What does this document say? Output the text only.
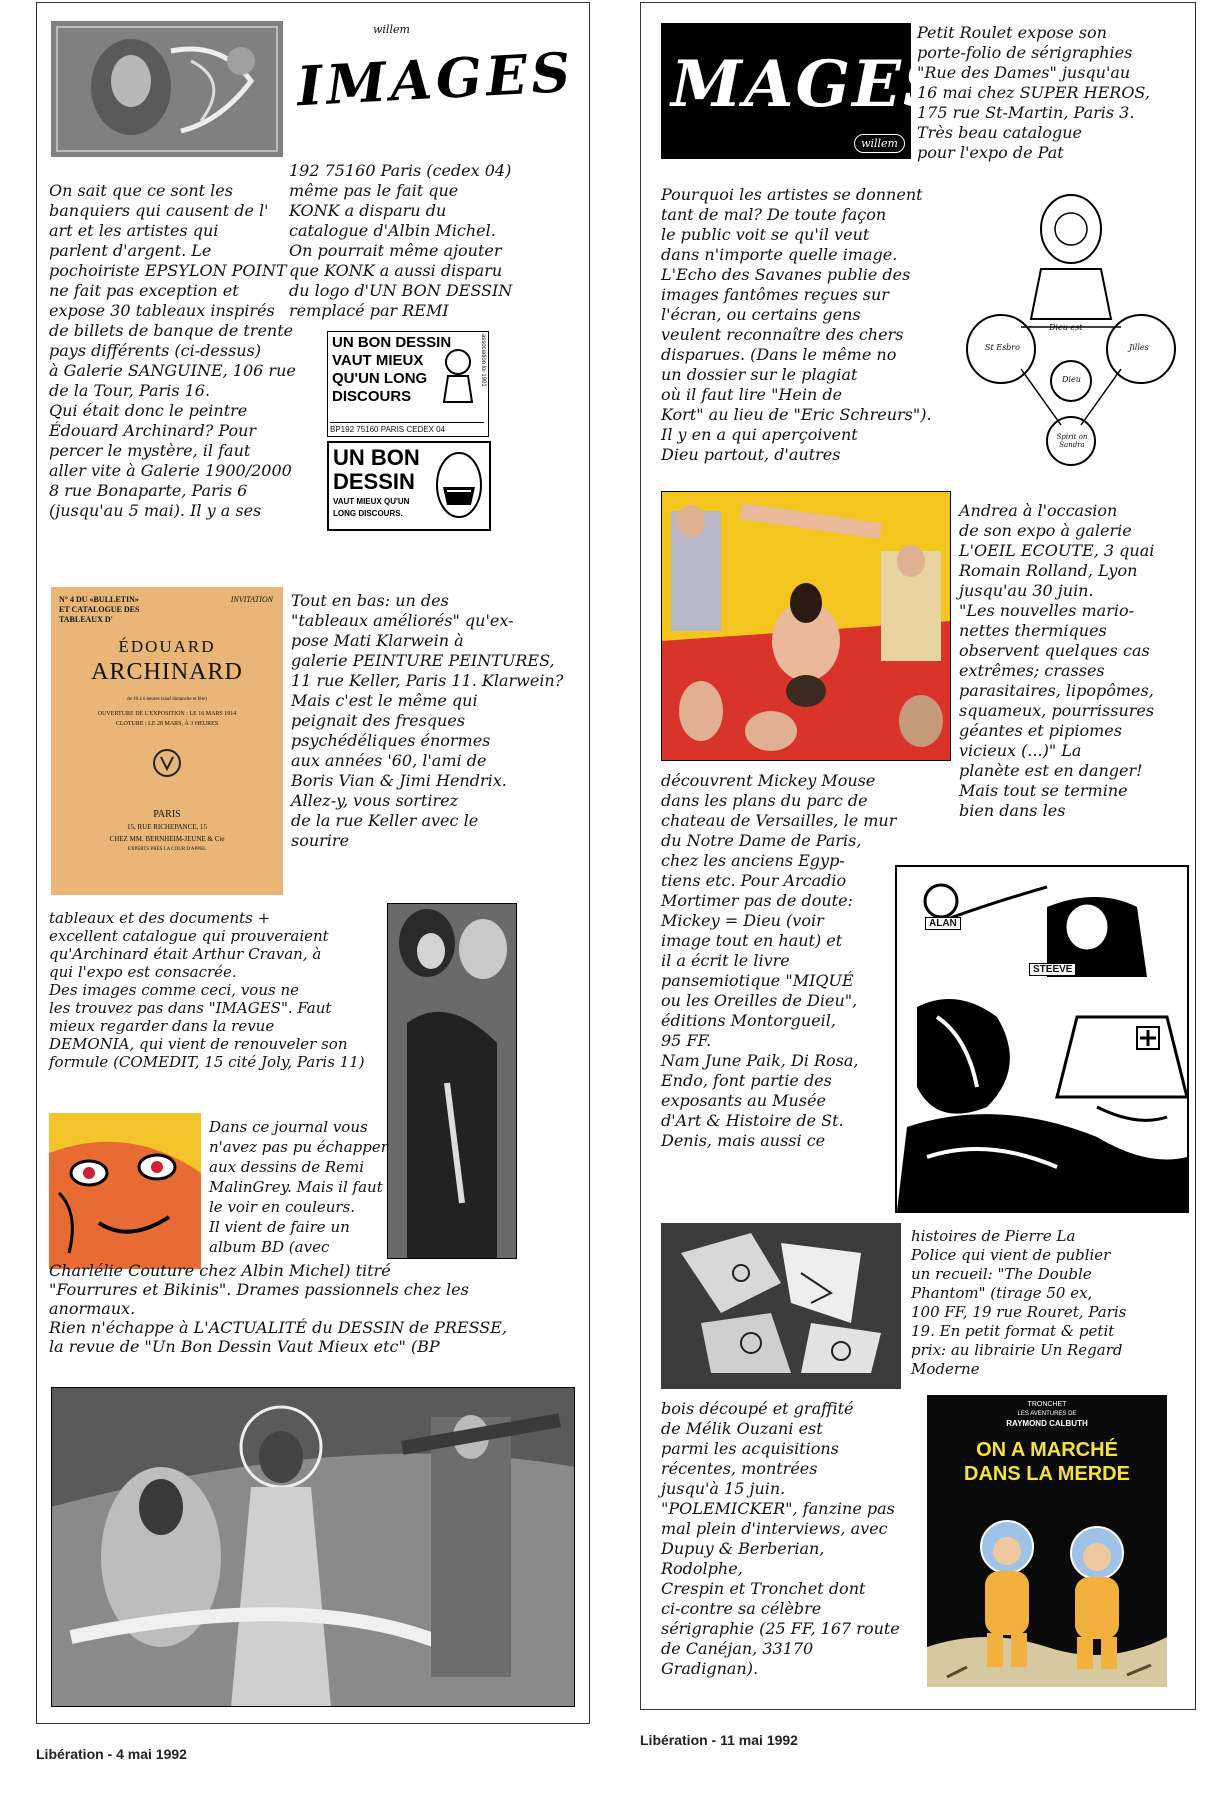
IMAGES
willem

192 75160 Paris (cedex 04)
même pas le fait que
KONK a disparu du
catalogue d'Albin Michel.
On pourrait même ajouter
que KONK a aussi disparu
du logo d'UN BON DESSIN
remplacé par REMI

On sait que ce sont les
banquiers qui causent de l'
art et les artistes qui
parlent d'argent. Le
pochoiriste EPSYLON POINT
ne fait pas exception et
expose 30 tableaux inspirés
de billets de banque de trente
pays différents (ci-dessus)
à Galerie SANGUINE, 106 rue
de la Tour, Paris 16.
Qui était donc le peintre
Édouard Archinard? Pour
percer le mystère, il faut
aller vite à Galerie 1900/2000
8 rue Bonaparte, Paris 6
(jusqu'au 5 mai). Il y a ses

UN BON DESSIN
VAUT MIEUX
QU'UN LONG
DISCOURS
association loi 1901
BP192 75160 PARIS CEDEX 04
UN BON
DESSIN
VAUT MIEUX QU'UN
LONG DISCOURS.
N° 4 DU «BULLETIN»
ET CATALOGUE DES
TABLEAUX D'
INVITATION
ÉDOUARD
ARCHINARD
de 10 à 6 heures (sauf dimanche et fête)
OUVERTURE DE L'EXPOSITION : LE 16 MARS 1914
CLOTURE : LE 28 MARS, À 3 HEURES
PARIS
15, RUE RICHEPANCE, 15
CHEZ MM. BERNHEIM-JEUNE & Cie
EXPERTS PRÈS LA COUR D'APPEL

Tout en bas: un des
"tableaux améliorés" qu'ex-
pose Mati Klarwein à
galerie PEINTURE PEINTURES,
11 rue Keller, Paris 11. Klarwein?
Mais c'est le même qui
peignait des fresques
psychédéliques énormes
aux années '60, l'ami de
Boris Vian & Jimi Hendrix.
Allez-y, vous sortirez
de la rue Keller avec le
sourire

tableaux et des documents +
excellent catalogue qui prouveraient
qu'Archinard était Arthur Cravan, à
qui l'expo est consacrée.
Des images comme ceci, vous ne
les trouvez pas dans "IMAGES". Faut
mieux regarder dans la revue
DEMONIA, qui vient de renouveler son
formule (COMEDIT, 15 cité Joly, Paris 11)

Dans ce journal vous
n'avez pas pu échapper
aux dessins de Remi
MalinGrey. Mais il faut
le voir en couleurs.
Il vient de faire un
album BD (avec

Charlélie Couture chez Albin Michel) titré
"Fourrures et Bikinis". Drames passionnels chez les
anormaux.
Rien n'échappe à L'ACTUALITÉ du DESSIN de PRESSE,
la revue de "Un Bon Dessin Vaut Mieux etc" (BP

Libération - 4 mai 1992
MAGES
willem

Petit Roulet expose son
porte-folio de sérigraphies
"Rue des Dames" jusqu'au
16 mai chez SUPER HEROS,
175 rue St-Martin, Paris 3.
Très beau catalogue
pour l'expo de Pat

Pourquoi les artistes se donnent
tant de mal? De toute façon
le public voit se qu'il veut
dans n'importe quelle image.
L'Echo des Savanes publie des
images fantômes reçues sur
l'écran, ou certains gens
veulent reconnaître des chers
disparues. (Dans le même no
un dossier sur le plagiat
où il faut lire "Hein de
Kort" au lieu de "Eric Schreurs").
Il y en a qui aperçoivent
Dieu partout, d'autres

St Esbro
Dieu est
Jilles
Dieu
Spirit on Sandra

Andrea à l'occasion
de son expo à galerie
L'OEIL ECOUTE, 3 quai
Romain Rolland, Lyon
jusqu'au 30 juin.
"Les nouvelles mario-
nettes thermiques
observent quelques cas
extrêmes; crasses
parasitaires, lipopômes,
squameux, pourrissures
géantes et pipiomes
vicieux (...)" La
planète est en danger!
Mais tout se termine
bien dans les

découvrent Mickey Mouse
dans les plans du parc de
chateau de Versailles, le mur
du Notre Dame de Paris,
chez les anciens Egyp-
tiens etc. Pour Arcadio
Mortimer pas de doute:
Mickey = Dieu (voir
image tout en haut) et
il a écrit le livre
pansemiotique "MIQUÉ
ou les Oreilles de Dieu",
éditions Montorgueil,
95 FF.
Nam June Paik, Di Rosa,
Endo, font partie des
exposants au Musée
d'Art & Histoire de St.
Denis, mais aussi ce

ALAN
STEEVE

histoires de Pierre La
Police qui vient de publier
un recueil: "The Double
Phantom" (tirage 50 ex,
100 FF, 19 rue Rouret, Paris
19. En petit format & petit
prix: au librairie Un Regard
Moderne

bois découpé et graffité
de Mélik Ouzani est
parmi les acquisitions
récentes, montrées
jusqu'à 15 juin.
"POLEMICKER", fanzine pas
mal plein d'interviews, avec
Dupuy & Berberian, Rodolphe,
Crespin et Tronchet dont
ci-contre sa célèbre
sérigraphie (25 FF, 167 route
de Canéjan, 33170
Gradignan).

TRONCHET
LES AVENTURES DE
RAYMOND CALBUTH
ON A MARCHÉ
DANS LA MERDE
Libération - 11 mai 1992
